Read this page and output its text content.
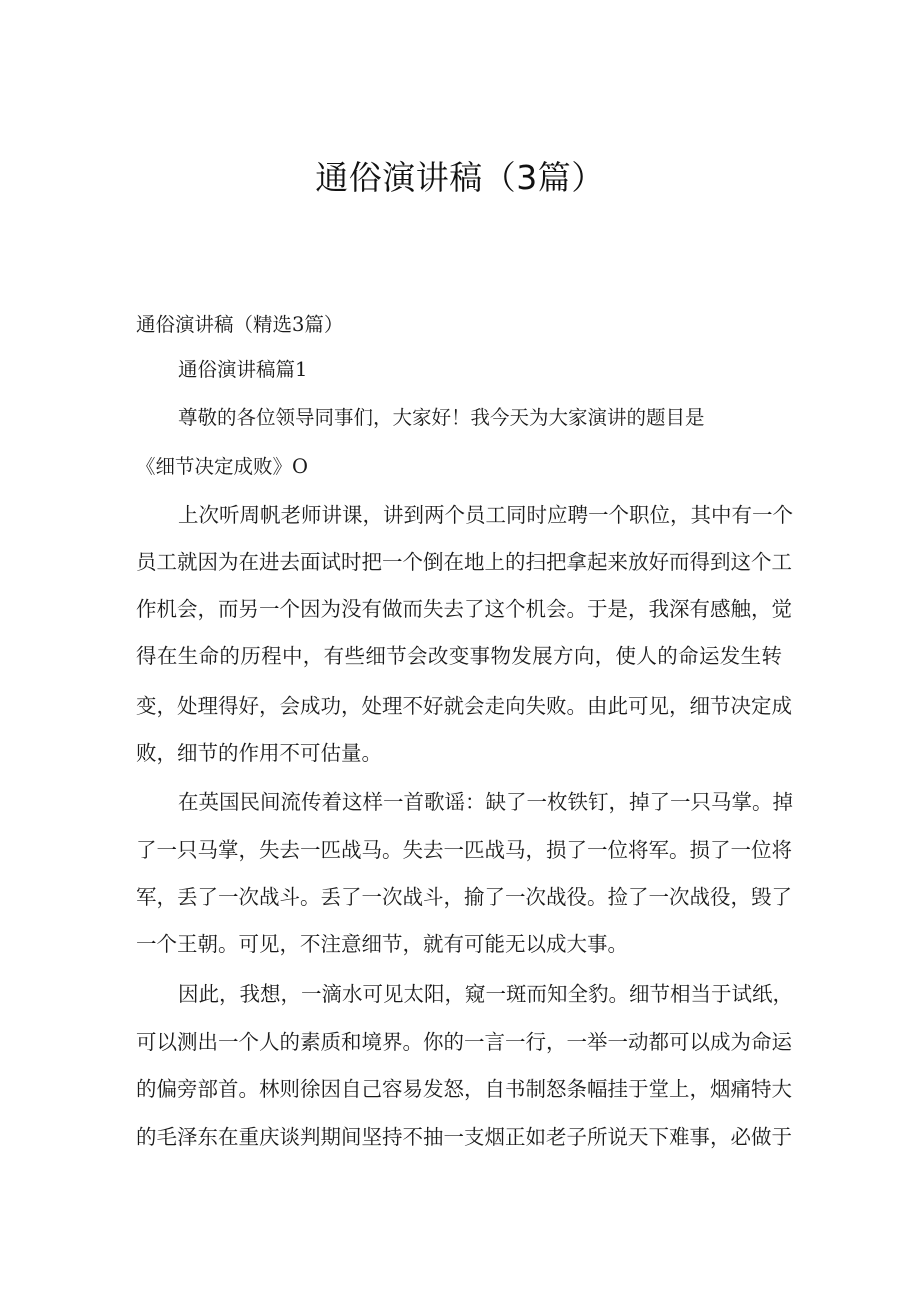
通俗演讲稿（3篇）

通俗演讲稿（精选3篇）

通俗演讲稿篇1

尊敬的各位领导同事们，大家好！我今天为大家演讲的题目是

《细节决定成败》O

上次听周帆老师讲课，讲到两个员工同时应聘一个职位，其中有一个

员工就因为在进去面试时把一个倒在地上的扫把拿起来放好而得到这个工

作机会，而另一个因为没有做而失去了这个机会。于是，我深有感触，觉

得在生命的历程中，有些细节会改变事物发展方向，使人的命运发生转

变，处理得好，会成功，处理不好就会走向失败。由此可见，细节决定成

败，细节的作用不可估量。

在英国民间流传着这样一首歌谣：缺了一枚铁钉，掉了一只马掌。掉

了一只马掌，失去一匹战马。失去一匹战马，损了一位将军。损了一位将

军，丢了一次战斗。丢了一次战斗，揄了一次战役。捡了一次战役，毁了

一个王朝。可见，不注意细节，就有可能无以成大事。

因此，我想，一滴水可见太阳，窥一斑而知全豹。细节相当于试纸，

可以测出一个人的素质和境界。你的一言一行，一举一动都可以成为命运

的偏旁部首。林则徐因自己容易发怒，自书制怒条幅挂于堂上，烟痛特大

的毛泽东在重庆谈判期间坚持不抽一支烟正如老子所说天下难事，必做于
